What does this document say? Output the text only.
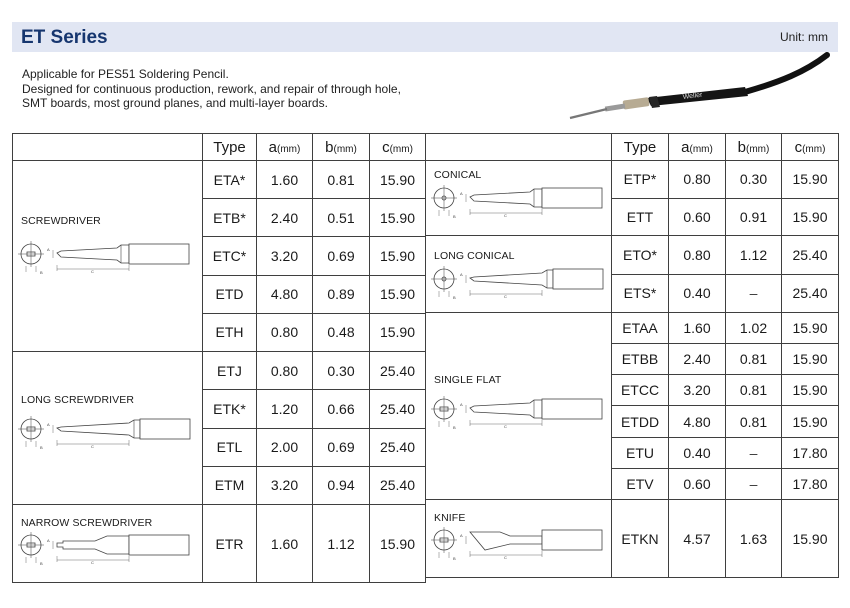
ET Series	Unit: mm
Applicable for PES51 Soldering Pencil.
Designed for continuous production, rework, and repair of through hole,
SMT boards, most ground planes, and multi-layer boards.	Weller
	Type	a(mm)	b(mm)	c(mm)

SCREWDRIVER
B C
A	ETA*	1.60	0.81	15.90
	ETB*	2.40	0.51	15.90
	ETC*	3.20	0.69	15.90
	ETD	4.80	0.89	15.90
	ETH	0.80	0.48	15.90

LONG SCREWDRIVER
B C
A	ETJ	0.80	0.30	25.40
	ETK*	1.20	0.66	25.40
	ETL	2.00	0.69	25.40
	ETM	3.20	0.94	25.40

NARROW SCREWDRIVER
B C
A	ETR	1.60	1.12	15.90
	Type	a(mm)	b(mm)	c(mm)

CONICAL
B C
A	ETP*	0.80	0.30	15.90
	ETT	0.60	0.91	15.90

LONG CONICAL
B C
A	ETO*	0.80	1.12	25.40
	ETS*	0.40	–	25.40

SINGLE FLAT
B C
A	ETAA	1.60	1.02	15.90
	ETBB	2.40	0.81	15.90
	ETCC	3.20	0.81	15.90
	ETDD	4.80	0.81	15.90
	ETU	0.40	–	17.80
	ETV	0.60	–	17.80

KNIFE
B C
A	ETKN	4.57	1.63	15.90
